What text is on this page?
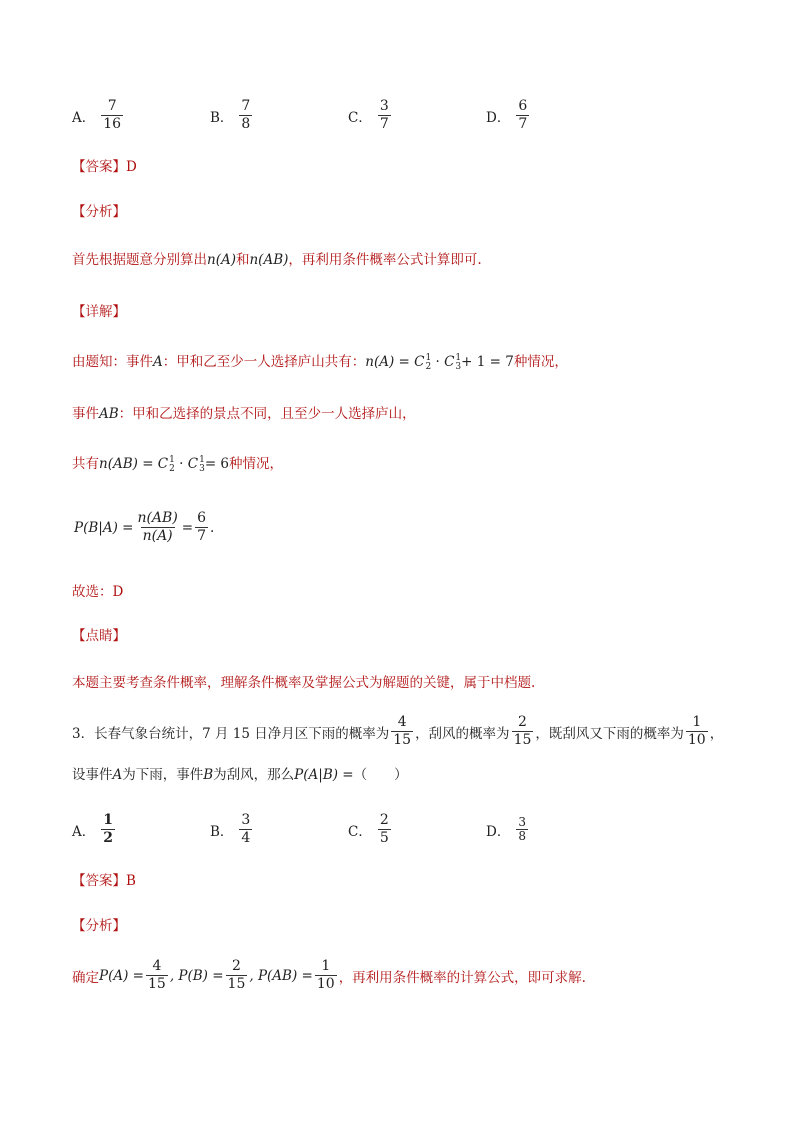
A． $\frac{7}{16}$	B． $\frac{7}{8}$	C． $\frac{3}{7}$	D． $\frac{6}{7}$
【答案】D
【分析】
首先根据题意分别算出n(A)和n(AB)，再利用条件概率公式计算即可.
【详解】
由题知：事件A：甲和乙至少一人选择庐山共有：n(A) = C 1
2 · C 1
3 + 1 = 7种情况，
事件AB：甲和乙选择的景点不同，且至少一人选择庐山，
共有n(AB) = C 1
2 · C 1
3 = 6种情况，
$P(B|A) = \frac{n(AB)}{n(A)} = \frac{6}{7}$ .
故选：D
【点睛】
本题主要考查条件概率，理解条件概率及掌握公式为解题的关键，属于中档题.
3．长春气象台统计，7 月 15 日净月区下雨的概率为 $\frac{4}{15}$ ，刮风的概率为 $\frac{2}{15}$ ，既刮风又下雨的概率为 $\frac{1}{10}$ ，
设事件A为下雨，事件B为刮风，那么P(A|B) =（　　）
A． $\frac{1}{2}$	B． $\frac{3}{4}$	C． $\frac{2}{5}$	D． $\frac{3}{8}$
【答案】B
【分析】
确定 $P(A) = \frac{4}{15}$ , $P(B) = \frac{2}{15}$ , $P(AB) = \frac{1}{10}$ ，再利用条件概率的计算公式，即可求解.
